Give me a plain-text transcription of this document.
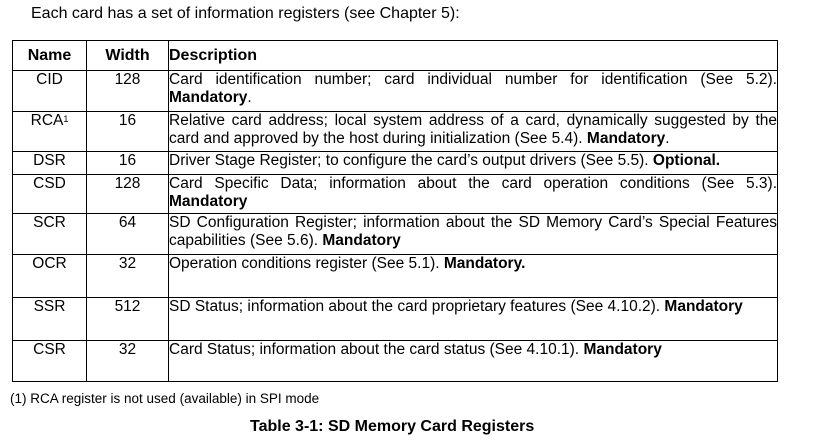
Each card has a set of information registers (see Chapter 5):
Name	Width	Description
CID	128	Card identification number; card individual number for identification (See 5.2). Mandatory.
RCA$^1$	16	Relative card address; local system address of a card, dynamically suggested by the card and approved by the host during initialization (See 5.4). Mandatory.
DSR	16	Driver Stage Register; to configure the card’s output drivers (See 5.5). Optional.
CSD	128	Card Specific Data; information about the card operation conditions (See 5.3). Mandatory
SCR	64	SD Configuration Register; information about the SD Memory Card’s Special Features capabilities (See 5.6). Mandatory
OCR	32	Operation conditions register (See 5.1). Mandatory.
SSR	512	SD Status; information about the card proprietary features (See 4.10.2). Mandatory
CSR	32	Card Status; information about the card status (See 4.10.1). Mandatory
(1) RCA register is not used (available) in SPI mode
Table 3-1: SD Memory Card Registers
